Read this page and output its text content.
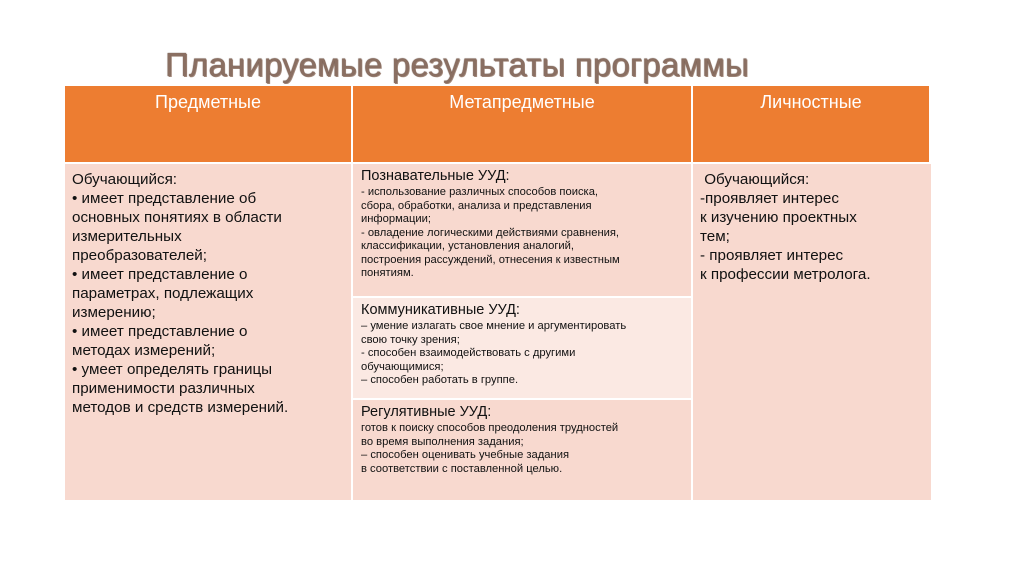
Планируемые результаты программы
Предметные	Метапредметные	Личностные
Обучающийся:
• имеет представление об
основных понятиях в области
измерительных
преобразователей;
• имеет представление о
параметрах, подлежащих
измерению;
• имеет представление о
методах измерений;
• умеет определять границы
применимости различных
методов и средств измерений.
Познавательные УУД:
- использование различных способов поиска,
сбора, обработки, анализа и представления
информации;
- овладение логическими действиями сравнения,
классификации, установления аналогий,
построения рассуждений, отнесения к известным
понятиям.
Коммуникативные УУД:
– умение излагать свое мнение и аргументировать
свою точку зрения;
- способен взаимодействовать с другими
обучающимися;
– способен работать в группе.
Регулятивные УУД:
готов к поиску способов преодоления трудностей
во время выполнения задания;
– способен оценивать учебные задания
в соответствии с поставленной целью.
Обучающийся:
-проявляет интерес
к изучению проектных
тем;
- проявляет интерес
к профессии метролога.
